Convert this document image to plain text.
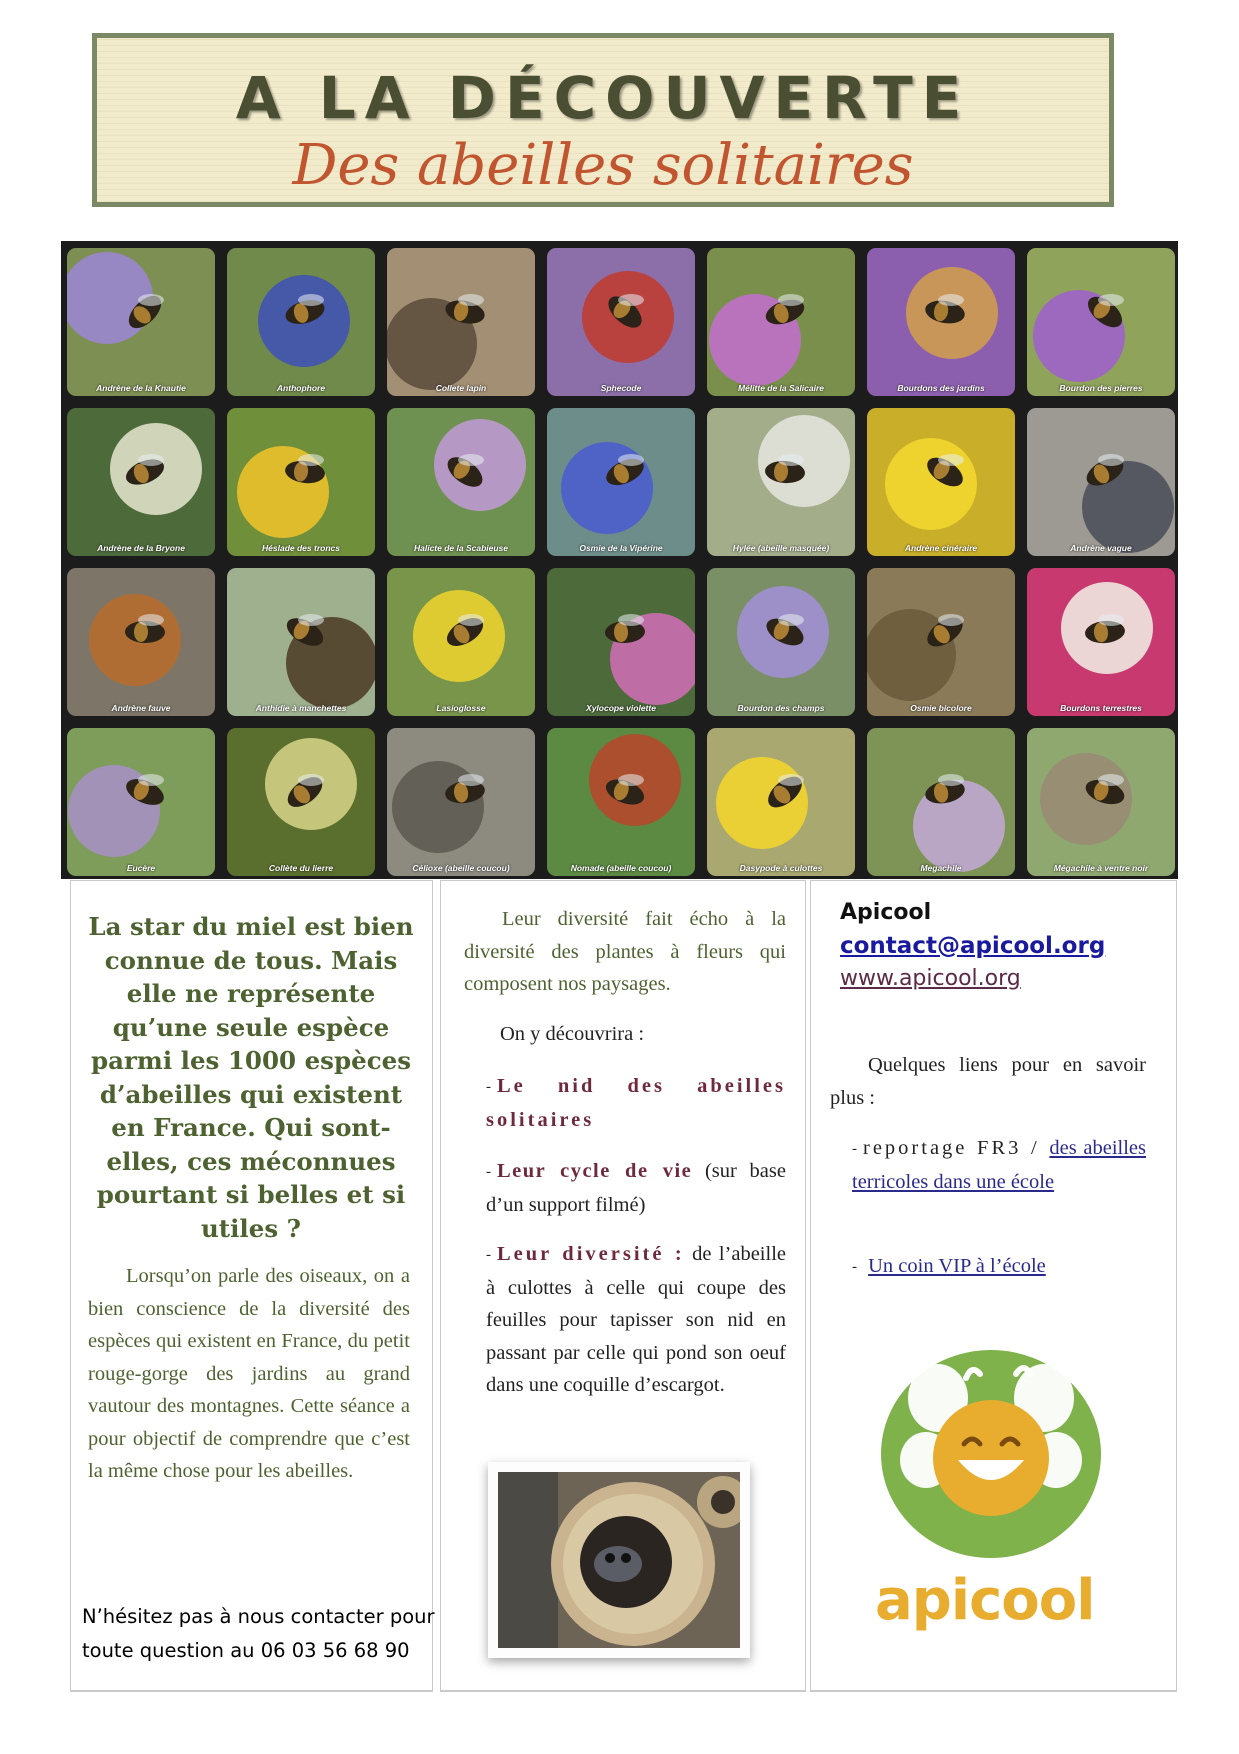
A LA DÉCOUVERTE
Des abeilles solitaires
Andrène de la Knautie	Anthophore	Collete lapin	Sphecode	Mélitte de la Salicaire	Bourdons des jardins	Bourdon des pierres
Andrène de la Bryone	Héslade des troncs	Halicte de la Scabieuse	Osmie de la Vipérine	Hylée (abeille masquée)	Andrène cinéraire	Andrène vague
Andrène fauve	Anthidie à manchettes	Lasioglosse	Xylocope violette	Bourdon des champs	Osmie bicolore	Bourdons terrestres
Eucère	Collète du lierre	Célioxe (abeille coucou)	Nomade (abeille coucou)	Dasypode à culottes	Megachile	Mégachile à ventre noir
La star du miel est bien connue de tous. Mais elle ne représente qu’une seule espèce parmi les 1000 espèces d’abeilles qui existent en France. Qui sont-elles, ces méconnues pourtant si belles et si utiles ?
Lorsqu’on parle des oiseaux, on a bien conscience de la diversité des espèces qui existent en France, du petit rouge-gorge des jardins au grand vautour des montagnes. Cette séance a pour objectif de comprendre que c’est la même chose pour les abeilles.
N’hésitez pas à nous contacter pour
toute question au 06 03 56 68 90
Leur diversité fait écho à la diversité des plantes à fleurs qui composent nos paysages.
On y découvrira :
- Le nid des abeilles solitaires
- Leur cycle de vie (sur base d’un support filmé)
- Leur diversité : de l’abeille à culottes à celle qui coupe des feuilles pour tapisser son nid en passant par celle qui pond son oeuf dans une coquille d’escargot.
Apicool
contact@apicool.org
www.apicool.org
Quelques liens pour en savoir plus :
- reportage FR3 / des abeilles terricoles dans une école
- Un coin VIP à l’école
apicool
